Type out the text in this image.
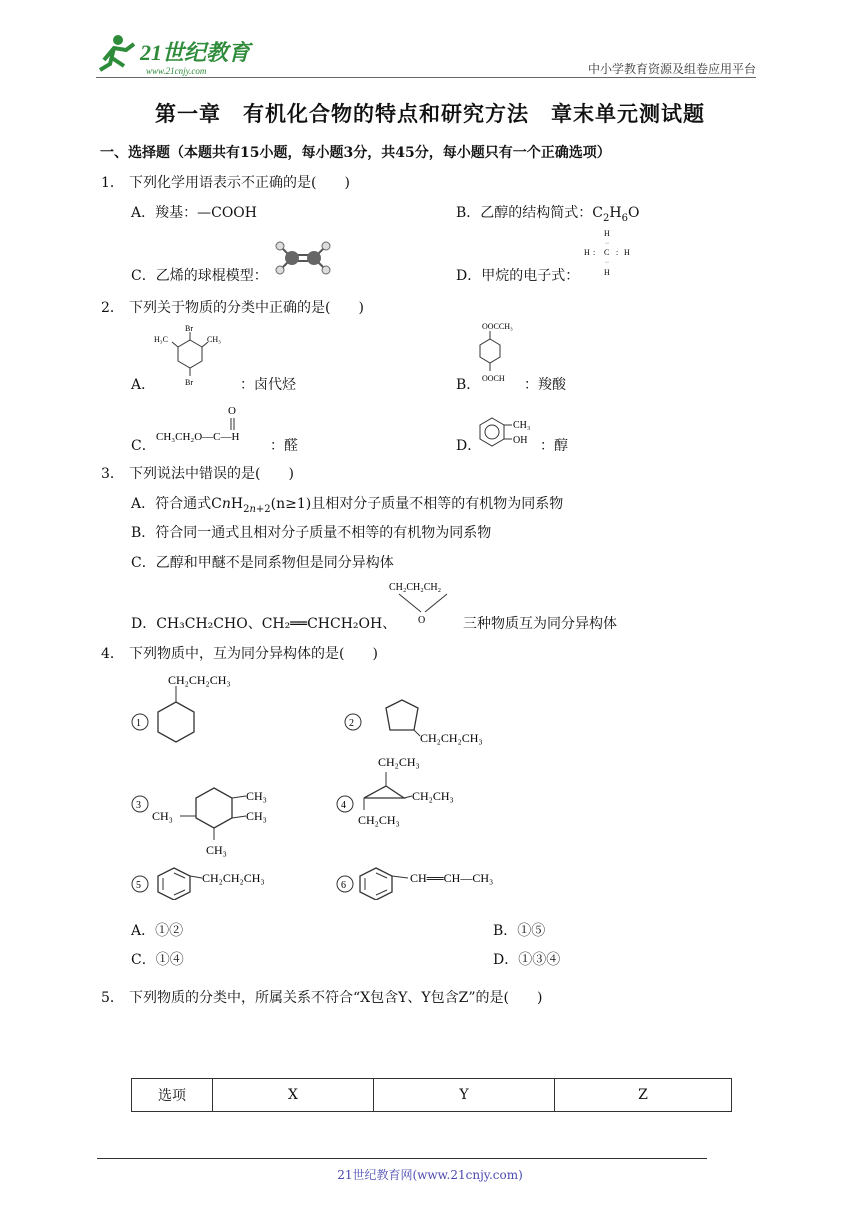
21世纪教育
www.21cnjy.com	中小学教育资源及组卷应用平台
第一章　有机化合物的特点和研究方法　章末单元测试题
一、选择题（本题共有15小题，每小题3分，共45分，每小题只有一个正确选项）
1． 下列化学用语表示不正确的是(　　)
A．羧基：—COOH	B．乙醇的结构简式：$C_2H_6O$
C．乙烯的球棍模型：	D．甲烷的电子式：
H
··
H : C : H
··
H
2． 下列关于物质的分类中正确的是(　　)
A．
Br
Br
H₃C	CH₃
：卤代烃	B．
OOCCH₃
OOCH ：羧酸
C．
CH₃CH₂O—C—H
O
：醛	D．
CH₃
OH ：醇
3． 下列说法中错误的是(　　)
A．符合通式CnH$_{2n+2}$(n≥1)且相对分子质量不相等的有机物为同系物
B．符合同一通式且相对分子质量不相等的有机物为同系物
C．乙醇和甲醚不是同系物但是同分异构体
D．CH₃CH₂CHO、CH₂══CHCH₂OH、
CH₂CH₂CH₂
O	三种物质互为同分异构体
4． 下列物质中，互为同分异构体的是(　　)
1
CH₂CH₂CH₃
2
CH₂CH₂CH₃
3
CH₃
CH₃
CH₃
CH₃
4
CH₂CH₃
CH₂CH₃
CH₂CH₃
5
CH₂CH₂CH₃
6
CH══CH—CH₃
A．①②	B．①⑤
C．①④	D．①③④
5． 下列物质的分类中，所属关系不符合“X包含Y、Y包含Z”的是(　　)
选项	X	Y	Z
21世纪教育网(www.21cnjy.com)
